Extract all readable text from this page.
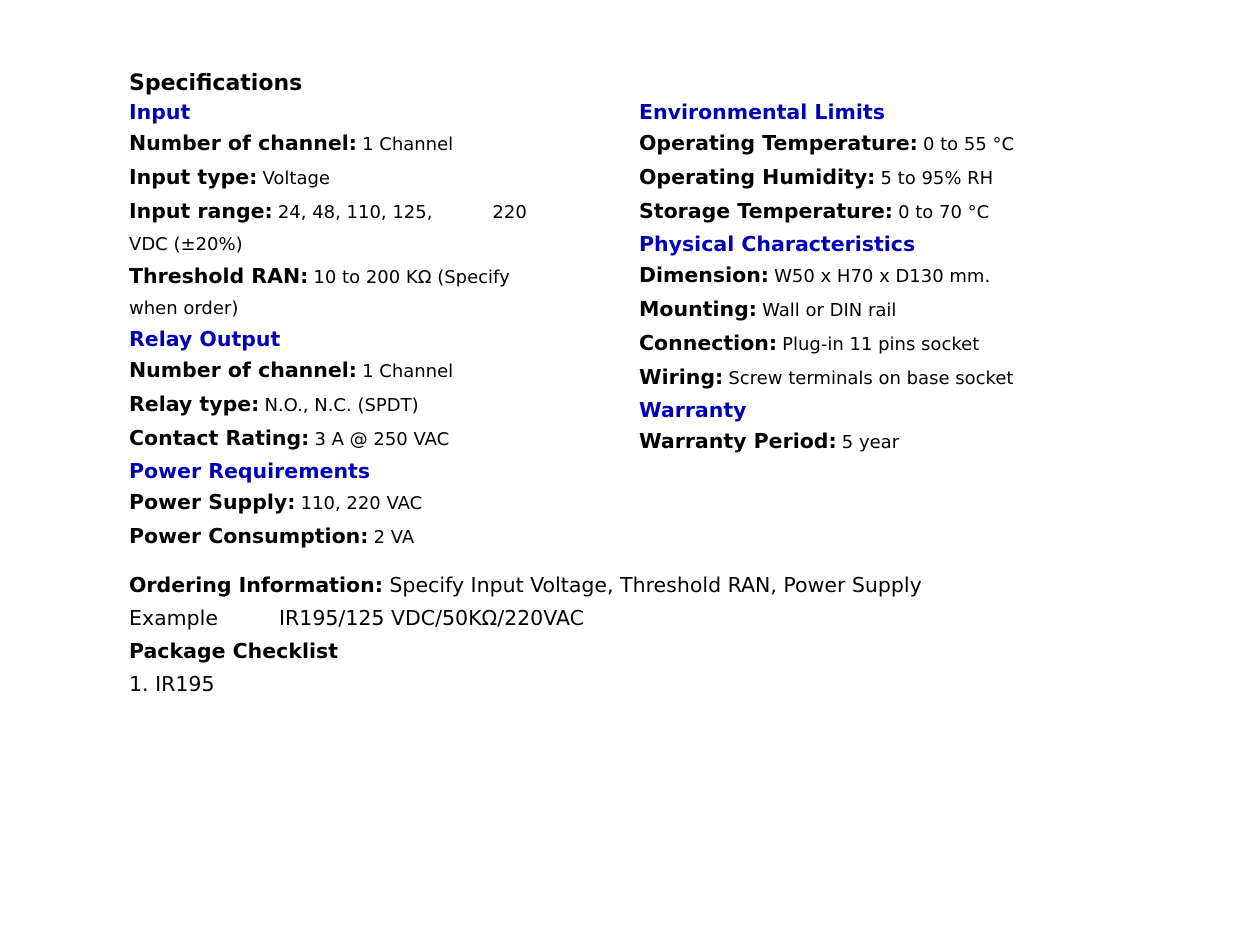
Specifications
Input
Number of channel: 1 Channel
Input type: Voltage
Input range: 24, 48, 110, 125,	220
VDC (±20%)
Threshold RAN: 10 to 200 KΩ (Specify when order)
Relay Output
Number of channel: 1 Channel
Relay type: N.O., N.C. (SPDT)
Contact Rating: 3 A @ 250 VAC
Power Requirements
Power Supply: 110, 220 VAC
Power Consumption: 2 VA
Environmental Limits
Operating Temperature: 0 to 55 °C
Operating Humidity: 5 to 95% RH
Storage Temperature: 0 to 70 °C
Physical Characteristics
Dimension: W50 x H70 x D130 mm.
Mounting: Wall or DIN rail
Connection: Plug-in 11 pins socket
Wiring: Screw terminals on base socket
Warranty
Warranty Period: 5 year
Ordering Information: Specify Input Voltage, Threshold RAN, Power Supply
Example	IR195/125 VDC/50KΩ/220VAC
Package Checklist
1. IR195
